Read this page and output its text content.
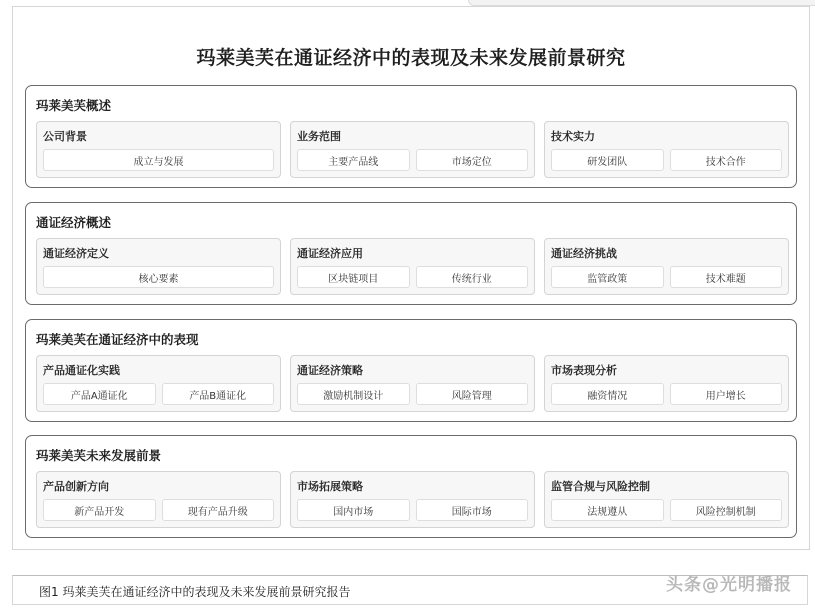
玛莱美芙在通证经济中的表现及未来发展前景研究
玛莱美芙概述
公司背景
成立与发展
业务范围
主要产品线	市场定位
技术实力
研发团队	技术合作
通证经济概述
通证经济定义
核心要素
通证经济应用
区块链项目	传统行业
通证经济挑战
监管政策	技术难题
玛莱美芙在通证经济中的表现
产品通证化实践
产品A通证化	产品B通证化
通证经济策略
激励机制设计	风险管理
市场表现分析
融资情况	用户增长
玛莱美芙未来发展前景
产品创新方向
新产品开发	现有产品升级
市场拓展策略
国内市场	国际市场
监管合规与风险控制
法规遵从	风险控制机制
图1 玛莱美芙在通证经济中的表现及未来发展前景研究报告	头条@光明播报
